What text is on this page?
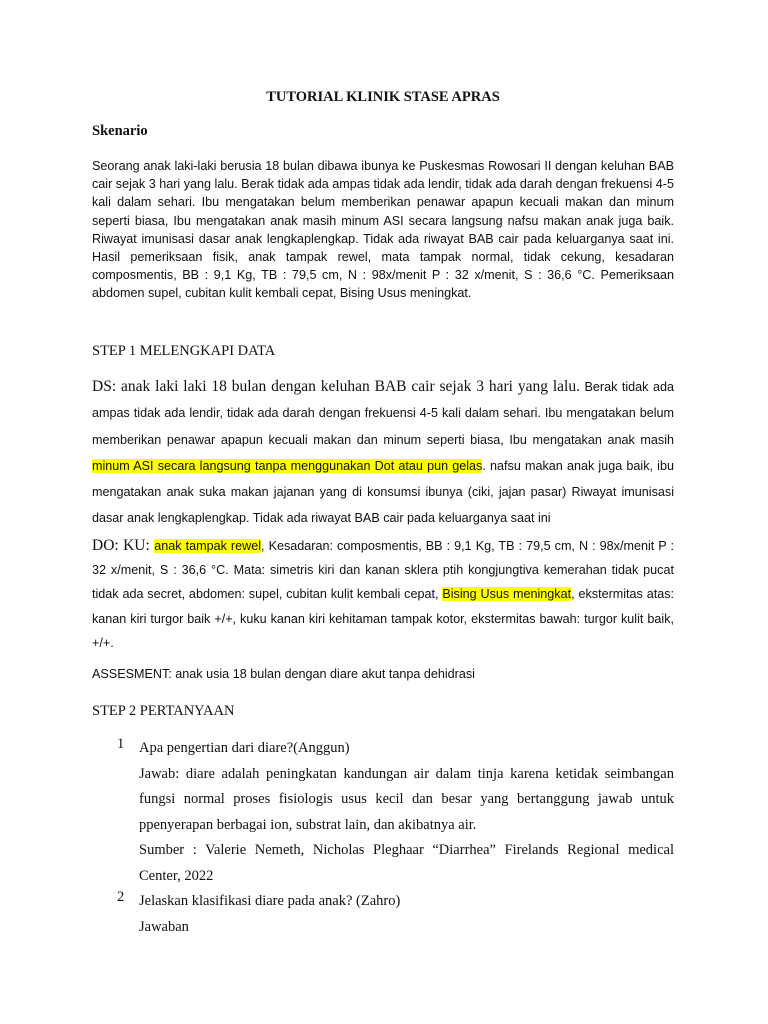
TUTORIAL KLINIK STASE APRAS
Skenario
Seorang anak laki-laki berusia 18 bulan dibawa ibunya ke Puskesmas Rowosari II dengan keluhan BAB cair sejak 3 hari yang lalu. Berak tidak ada ampas tidak ada lendir, tidak ada darah dengan frekuensi 4-5 kali dalam sehari. Ibu mengatakan belum memberikan penawar apapun kecuali makan dan minum seperti biasa, Ibu mengatakan anak masih minum ASI secara langsung nafsu makan anak juga baik. Riwayat imunisasi dasar anak lengkaplengkap. Tidak ada riwayat BAB cair pada keluarganya saat ini. Hasil pemeriksaan fisik, anak tampak rewel, mata tampak normal, tidak cekung, kesadaran composmentis, BB : 9,1 Kg, TB : 79,5 cm, N : 98x/menit P : 32 x/menit, S : 36,6 °C. Pemeriksaan abdomen supel, cubitan kulit kembali cepat, Bising Usus meningkat.
STEP 1 MELENGKAPI DATA
DS: anak laki laki 18 bulan dengan keluhan BAB cair sejak 3 hari yang lalu. Berak tidak ada ampas tidak ada lendir, tidak ada darah dengan frekuensi 4-5 kali dalam sehari. Ibu mengatakan belum memberikan penawar apapun kecuali makan dan minum seperti biasa, Ibu mengatakan anak masih minum ASI secara langsung tanpa menggunakan Dot atau pun gelas. nafsu makan anak juga baik, ibu mengatakan anak suka makan jajanan yang di konsumsi ibunya (ciki, jajan pasar) Riwayat imunisasi dasar anak lengkaplengkap. Tidak ada riwayat BAB cair pada keluarganya saat ini
DO: KU: anak tampak rewel, Kesadaran: composmentis, BB : 9,1 Kg, TB : 79,5 cm, N : 98x/menit P : 32 x/menit, S : 36,6 °C. Mata: simetris kiri dan kanan sklera ptih kongjungtiva kemerahan tidak pucat tidak ada secret, abdomen: supel, cubitan kulit kembali cepat, Bising Usus meningkat, ekstermitas atas: kanan kiri turgor baik +/+, kuku kanan kiri kehitaman tampak kotor, ekstermitas bawah: turgor kulit baik, +/+.
ASSESMENT: anak usia 18 bulan dengan diare akut tanpa dehidrasi
STEP 2 PERTANYAAN
1 Apa pengertian dari diare?(Anggun)
Jawab: diare adalah peningkatan kandungan air dalam tinja karena ketidak seimbangan fungsi normal proses fisiologis usus kecil dan besar yang bertanggung jawab untuk ppenyerapan berbagai ion, substrat lain, dan akibatnya air.
Sumber : Valerie Nemeth, Nicholas Pleghaar “Diarrhea” Firelands Regional medical Center, 2022
2 Jelaskan klasifikasi diare pada anak? (Zahro)
Jawaban
